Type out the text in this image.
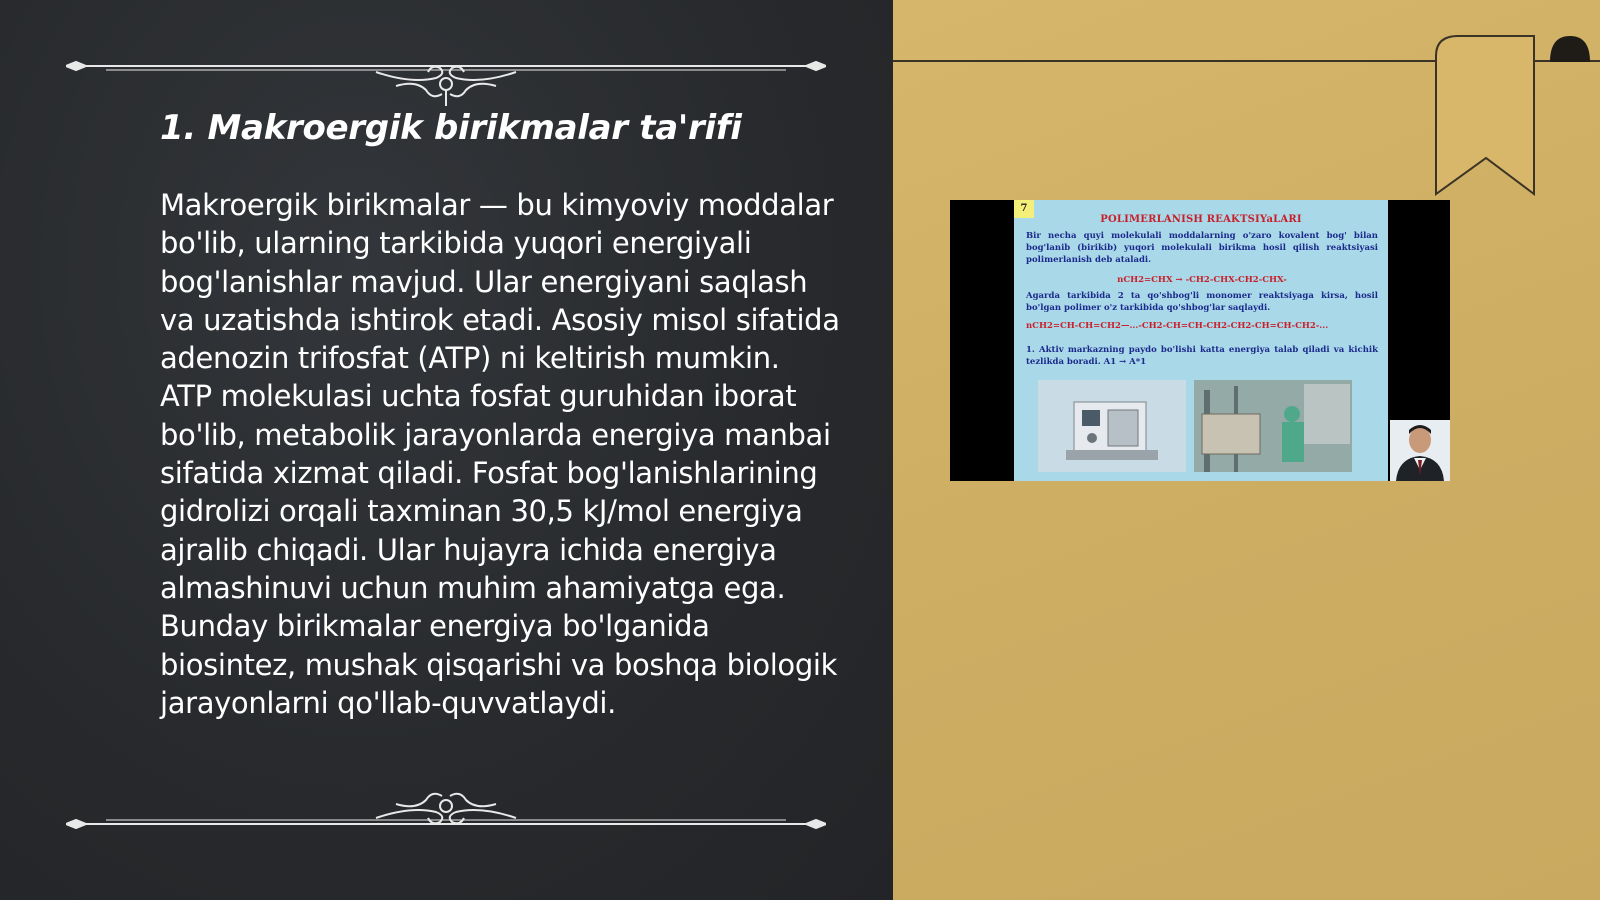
1. Makroergik birikmalar ta'rifi

Makroergik birikmalar — bu kimyoviy moddalar bo'lib, ularning tarkibida yuqori energiyali bog'lanishlar mavjud. Ular energiyani saqlash va uzatishda ishtirok etadi. Asosiy misol sifatida adenozin trifosfat (ATP) ni keltirish mumkin. ATP molekulasi uchta fosfat guruhidan iborat bo'lib, metabolik jarayonlarda energiya manbai sifatida xizmat qiladi. Fosfat bog'lanishlarining gidrolizi orqali taxminan 30,5 kJ/mol energiya ajralib chiqadi. Ular hujayra ichida energiya almashinuvi uchun muhim ahamiyatga ega. Bunday birikmalar energiya bo'lganida biosintez, mushak qisqarishi va boshqa biologik jarayonlarni qo'llab-quvvatlaydi.

7
POLIMERLANISH REAKTSIYaLARI

Bir necha quyi molekulali moddalarning o'zaro kovalent bog' bilan bog'lanib (birikib) yuqori molekulali birikma hosil qilish reaktsiyasi polimerlanish deb ataladi.

nCH2=CHX → -CH2-CHX-CH2-CHX-

Agarda tarkibida 2 ta qo'shbog'li monomer reaktsiyaga kirsa, hosil bo'lgan polimer o'z tarkibida qo'shbog'lar saqlaydi.

nCH2=CH-CH=CH2—...-CH2-CH=CH-CH2-CH2-CH=CH-CH2-...

1. Aktiv markazning paydo bo'lishi katta energiya talab qiladi va kichik tezlikda boradi. A1 → A*1
